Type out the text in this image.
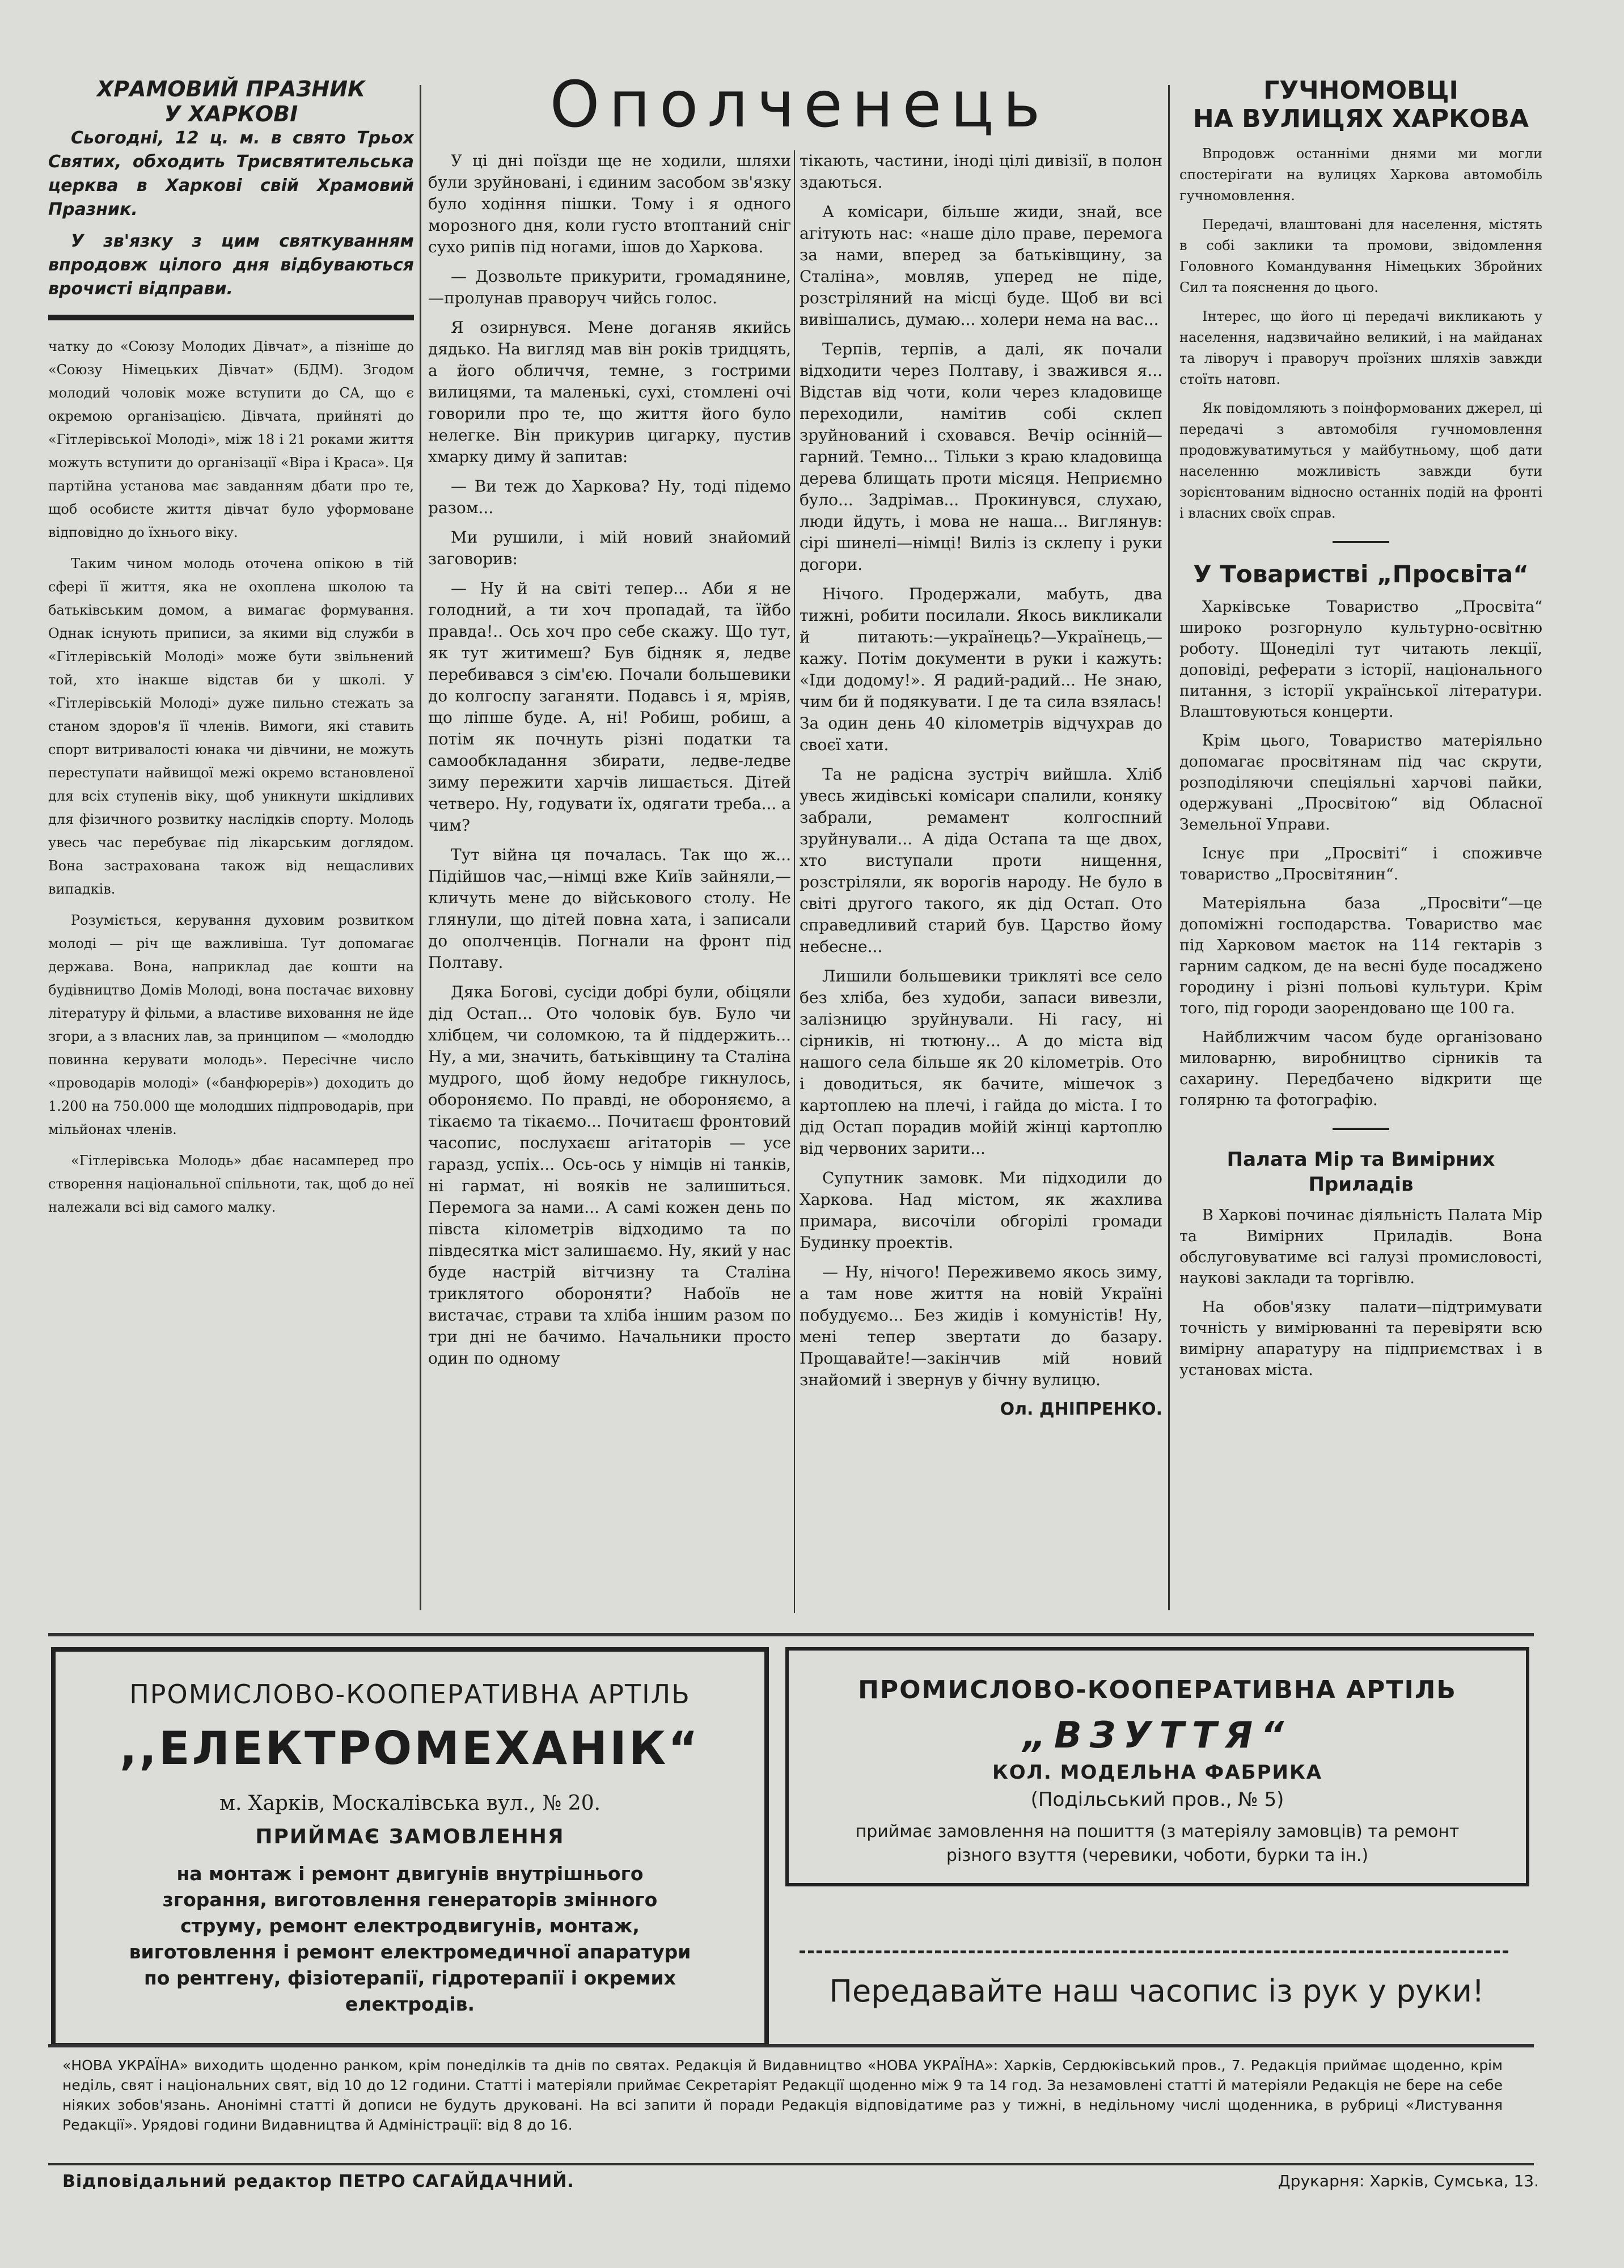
ХРАМОВИЙ ПРАЗНИК
У ХАРКОВІ

Сьогодні, 12 ц. м. в свято Трьох Святих, обходить Трисвятительська церква в Харкові свій Храмовий Празник.

У зв'язку з цим святкуванням впродовж цілого дня відбуваються врочисті відправи.

чатку до «Союзу Молодих Дівчат», а пізніше до «Союзу Німецьких Дівчат» (БДМ). Згодом молодий чоловік може вступити до СА, що є окремою організацією. Дівчата, прийняті до «Гітлерівської Молоді», між 18 і 21 роками життя можуть вступити до організації «Віра і Краса». Ця партійна установа має завданням дбати про те, щоб особисте життя дівчат було уформоване відповідно до їхнього віку.

Таким чином молодь оточена опікою в тій сфері її життя, яка не охоплена школою та батьківським домом, а вимагає формування. Однак існують приписи, за якими від служби в «Гітлерівській Молоді» може бути звільнений той, хто інакше відстав би у школі. У «Гітлерівській Молоді» дуже пильно стежать за станом здоров'я її членів. Вимоги, які ставить спорт витривалості юнака чи дівчини, не можуть переступати найвищої межі окремо встановленої для всіх ступенів віку, щоб уникнути шкідливих для фізичного розвитку наслідків спорту. Молодь увесь час перебуває під лікарським доглядом. Вона застрахована також від нещасливих випадків.

Розуміється, керування духовим розвитком молоді — річ ще важливіша. Тут допомагає держава. Вона, наприклад дає кошти на будівництво Домів Молоді, вона постачає виховну літературу й фільми, а властиве виховання не йде згори, а з власних лав, за принципом — «молоддю повинна керувати молодь». Пересічне число «проводарів молоді» («банфюрерів») доходить до 1.200 на 750.000 ще молодших підпроводарів, при мільйонах членів.

«Гітлерівська Молодь» дбає насамперед про створення національної спільноти, так, щоб до неї належали всі від самого малку.

Ополченець

У ці дні поїзди ще не ходили, шляхи були зруйновані, і єдиним засобом зв'язку було ходіння пішки. Тому і я одного морозного дня, коли густо втоптаний сніг сухо рипів під ногами, ішов до Харкова.

— Дозвольте прикурити, громадянине,—пролунав праворуч чийсь голос.

Я озирнувся. Мене доганяв якийсь дядько. На вигляд мав він років тридцять, а його обличчя, темне, з гострими вилицями, та маленькі, сухі, стомлені очі говорили про те, що життя його було нелегке. Він прикурив цигарку, пустив хмарку диму й запитав:

— Ви теж до Харкова? Ну, тоді підемо разом...

Ми рушили, і мій новий знайомий заговорив:

— Ну й на світі тепер... Аби я не голодний, а ти хоч пропадай, та їйбо правда!.. Ось хоч про себе скажу. Що тут, як тут житимеш? Був бідняк я, ледве перебивався з сім'єю. Почали большевики до колгоспу заганяти. Подавсь і я, мріяв, що ліпше буде. А, ні! Робиш, робиш, а потім як почнуть різні податки та самообкладання збирати, ледве-ледве зиму пережити харчів лишається. Дітей четверо. Ну, годувати їх, одягати треба... а чим?

Тут війна ця почалась. Так що ж... Підійшов час,—німці вже Київ зайняли,—кличуть мене до військового столу. Не глянули, що дітей повна хата, і записали до ополченців. Погнали на фронт під Полтаву.

Дяка Богові, сусіди добрі були, обіцяли дід Остап... Ото чоловік був. Було чи хлібцем, чи соломкою, та й піддержить... Ну, а ми, значить, батьківщину та Сталіна мудрого, щоб йому недобре гикнулось, обороняємо. По правді, не обороняємо, а тікаємо та тікаємо... Почитаєш фронтовий часопис, послухаєш агітаторів — усе гаразд, успіх... Ось-ось у німців ні танків, ні гармат, ні вояків не залишиться. Перемога за нами... А самі кожен день по півста кілометрів відходимо та по півдесятка міст залишаємо. Ну, який у нас буде настрій вітчизну та Сталіна триклятого обороняти? Набоїв не вистачає, страви та хліба іншим разом по три дні не бачимо. Начальники просто один по одному

тікають, частини, іноді цілі дивізії, в полон здаються.

А комісари, більше жиди, знай, все агітують нас: «наше діло праве, перемога за нами, вперед за батьківщину, за Сталіна», мовляв, уперед не піде, розстріляний на місці буде. Щоб ви всі вивішались, думаю... холери нема на вас...

Терпів, терпів, а далі, як почали відходити через Полтаву, і зважився я... Відстав від чоти, коли через кладовище переходили, намітив собі склеп зруйнований і сховався. Вечір осінній—гарний. Темно... Тільки з краю кладовища дерева блищать проти місяця. Неприємно було... Задрімав... Прокинувся, слухаю, люди йдуть, і мова не наша... Виглянув: сірі шинелі—німці! Виліз із склепу і руки догори.

Нічого. Продержали, мабуть, два тижні, робити посилали. Якось викликали й питають:—українець?—Українець,—кажу. Потім документи в руки і кажуть: «Іди додому!». Я радий-радий... Не знаю, чим би й подякувати. І де та сила взялась! За один день 40 кілометрів відчухрав до своєї хати.

Та не радісна зустріч вийшла. Хліб увесь жидівські комісари спалили, коняку забрали, ремамент колгоспний зруйнували... А діда Остапа та ще двох, хто виступали проти нищення, розстріляли, як ворогів народу. Не було в світі другого такого, як дід Остап. Ото справедливий старий був. Царство йому небесне...

Лишили большевики триклятi все село без хліба, без худоби, запаси вивезли, залізницю зруйнували. Ні гасу, ні сірників, ні тютюну... А до міста від нашого села більше як 20 кілометрів. Ото і доводиться, як бачите, мішечок з картоплею на плечі, і гайда до міста. І то дід Остап порадив мойій жінці картоплю від червоних зарити...

Супутник замовк. Ми підходили до Харкова. Над містом, як жахлива примара, височіли обгорілі громади Будинку проектів.

— Ну, нічого! Переживемо якось зиму, а там нове життя на новій Україні побудуємо... Без жидів і комуністів! Ну, мені тепер звертати до базару. Прощавайте!—закінчив мій новий знайомий і звернув у бічну вулицю.

Ол. ДНІПРЕНКО.
ГУЧНОМОВЦІ
НА ВУЛИЦЯХ ХАРКОВА

Впродовж останніми днями ми могли спостерігати на вулицях Харкова автомобіль гучномовлення.

Передачі, влаштовані для населення, містять в собі заклики та промови, звідомлення Головного Командування Німецьких Збройних Сил та пояснення до цього.

Інтерес, що його ці передачі викликають у населення, надзвичайно великий, і на майданах та ліворуч і праворуч проїзних шляхів завжди стоїть натовп.

Як повідомляють з поінформованих джерел, ці передачі з автомобіля гучномовлення продовжуватимуться у майбутньому, щоб дати населенню можливість завжди бути зорієнтованим відносно останніх подій на фронті і власних своїх справ.

У Товаристві „Просвіта“

Харківське Товариство „Просвіта“ широко розгорнуло культурно-освітню роботу. Щонеділі тут читають лекції, доповіді, реферати з історії, національного питання, з історії української літератури. Влаштовуються концерти.

Крім цього, Товариство матеріяльно допомагає просвітянам під час скрути, розподіляючи спеціяльні харчові пайки, одержувані „Просвітою“ від Обласної Земельної Управи.

Існує при „Просвіті“ і споживче товариство „Просвітянин“.

Матеріяльна база „Просвіти“—це допоміжні господарства. Товариство має під Харковом маєток на 114 гектарів з гарним садком, де на весні буде посаджено городину і різні польові культури. Крім того, під городи заорендовано ще 100 га.

Найближчим часом буде організовано миловарню, виробництво сірників та сахарину. Передбачено відкрити ще голярню та фотографію.

Палата Мір та Вимірних Приладів

В Харкові починає діяльність Палата Мір та Вимірних Приладів. Вона обслуговуватиме всі галузі промисловості, наукові заклади та торгівлю.

На обов'язку палати—підтримувати точність у вимірюванні та перевіряти всю вимірну апаратуру на підприємствах і в установах міста.

ПРОМИСЛОВО-КООПЕРАТИВНА АРТІЛЬ
,,ЕЛЕКТРОМЕХАНІК“
м. Харків, Москалівська вул., № 20.
ПРИЙМАЄ ЗАМОВЛЕННЯ
на монтаж і ремонт двигунів внутрішнього згорання, виготовлення генераторів змінного струму, ремонт електродвигунів, монтаж, виготовлення і ремонт електромедичної апаратури по рентгену, фізіотерапії, гідротерапії і окремих електродів.
ПРОМИСЛОВО-КООПЕРАТИВНА АРТІЛЬ
„ВЗУТТЯ“
КОЛ. МОДЕЛЬНА ФАБРИКА
(Подільський пров., № 5)
приймає замовлення на пошиття (з матеріялу замовців) та ремонт різного взуття (черевики, чоботи, бурки та ін.)
Передавайте наш часопис із рук у руки!
«НОВА УКРАЇНА» виходить щоденно ранком, крім понеділків та днів по святах. Редакція й Видавництво «НОВА УКРАЇНА»: Харків, Сердюківський пров., 7. Редакція приймає щоденно, крім неділь, свят і національних свят, від 10 до 12 години. Статті і матеріяли приймає Секретаріят Редакції щоденно між 9 та 14 год. За незамовлені статті й матеріяли Редакція не бере на себе ніяких зобов'язань. Анонімні статті й дописи не будуть друковані. На всі запити й поради Редакція відповідатиме раз у тижні, в недільному числі щоденника, в рубриці «Листування Редакції». Урядові години Видавництва й Адміністрації: від 8 до 16.
Відповідальний редактор ПЕТРО САГАЙДАЧНИЙ.	Друкарня: Харків, Сумська, 13.
